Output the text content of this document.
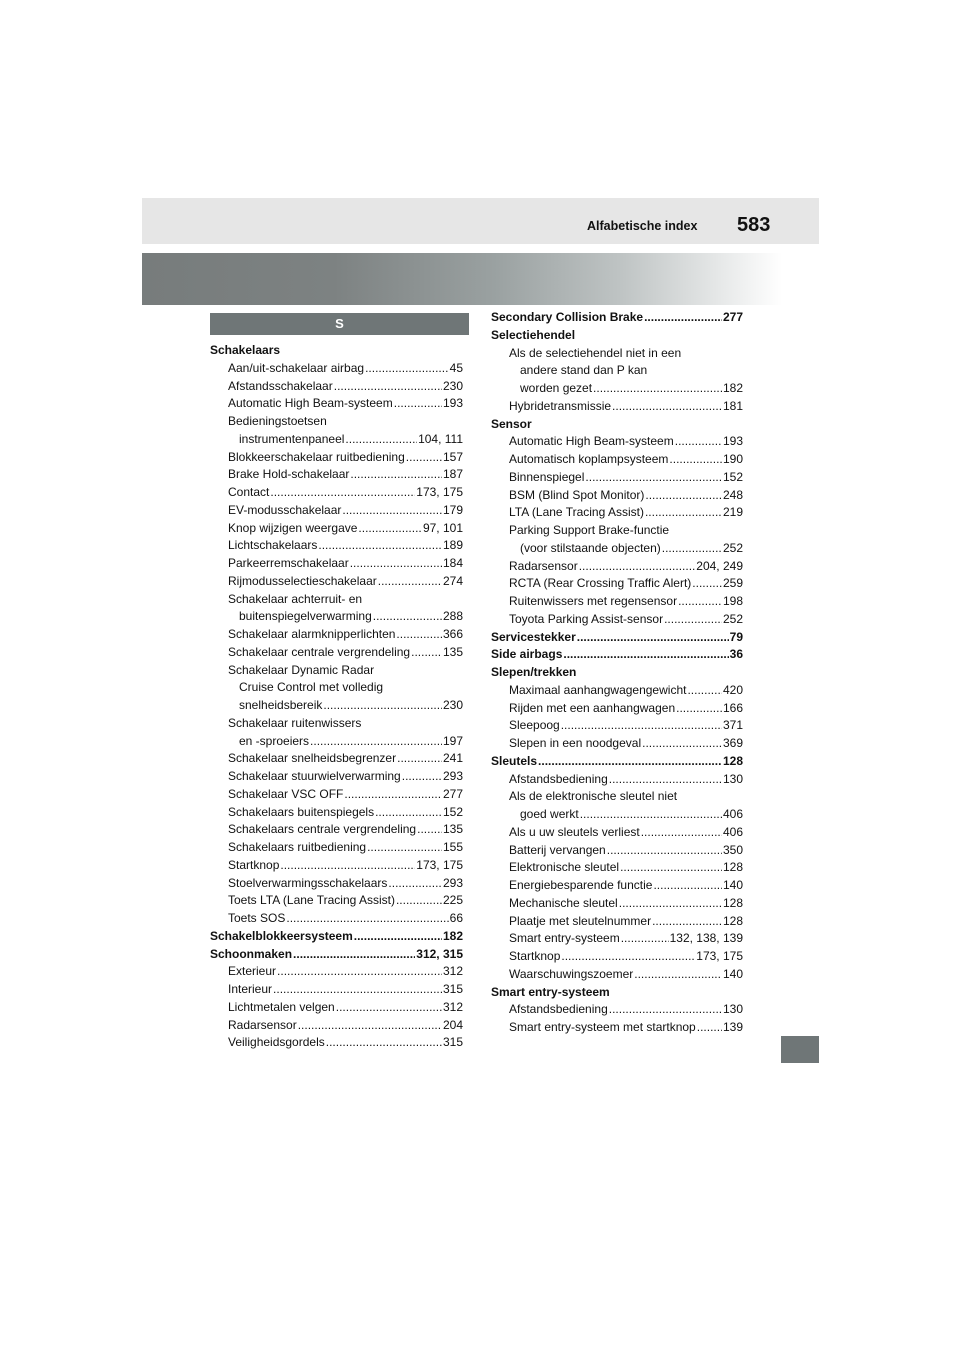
Alfabetische index 583
S
Schakelaars
Aan/uit-schakelaar airbag .....	45
Afstandsschakelaar .....	230
Automatic High Beam-systeem .....	193
Bedieningstoetsen
instrumentenpaneel .....	104, 111
Blokkeerschakelaar ruitbediening .....	157
Brake Hold-schakelaar .....	187
Contact .....	173, 175
EV-modusschakelaar .....	179
Knop wijzigen weergave .....	97, 101
Lichtschakelaars .....	189
Parkeerremschakelaar .....	184
Rijmodusselectieschakelaar .....	274
Schakelaar achterruit- en
buitenspiegelverwarming .....	288
Schakelaar alarmknipperlichten .....	366
Schakelaar centrale vergrendeling .....	135
Schakelaar Dynamic Radar
Cruise Control met volledig
snelheidsbereik .....	230
Schakelaar ruitenwissers
en -sproeiers .....	197
Schakelaar snelheidsbegrenzer .....	241
Schakelaar stuurwielverwarming .....	293
Schakelaar VSC OFF .....	277
Schakelaars buitenspiegels .....	152
Schakelaars centrale vergrendeling ..... 135
Schakelaars ruitbediening .....	155
Startknop .....	173, 175
Stoelverwarmingsschakelaars .....	293
Toets LTA (Lane Tracing Assist) .....	225
Toets SOS .....	66
Schakelblokkeersysteem .....	182
Schoonmaken .....	312, 315
Exterieur .....	312
Interieur .....	315
Lichtmetalen velgen .....	312
Radarsensor .....	204
Veiligheidsgordels .....	315
Secondary Collision Brake .....	277
Selectiehendel
Als de selectiehendel niet in een
andere stand dan P kan
worden gezet .....	182
Hybridetransmissie .....	181
Sensor
Automatic High Beam-systeem .....	193
Automatisch koplampsysteem .....	190
Binnenspiegel .....	152
BSM (Blind Spot Monitor) .....	248
LTA (Lane Tracing Assist) .....	219
Parking Support Brake-functie
(voor stilstaande objecten) .....	252
Radarsensor .....	204, 249
RCTA (Rear Crossing Traffic Alert) .....	259
Ruitenwissers met regensensor .....	198
Toyota Parking Assist-sensor .....	252
Servicestekker .....	79
Side airbags .....	36
Slepen/trekken
Maximaal aanhangwagengewicht .....	420
Rijden met een aanhangwagen .....	166
Sleepoog .....	371
Slepen in een noodgeval .....	369
Sleutels .....	128
Afstandsbediening .....	130
Als de elektronische sleutel niet
goed werkt .....	406
Als u uw sleutels verliest .....	406
Batterij vervangen .....	350
Elektronische sleutel .....	128
Energiebesparende functie .....	140
Mechanische sleutel .....	128
Plaatje met sleutelnummer .....	128
Smart entry-systeem .....	132, 138, 139
Startknop .....	173, 175
Waarschuwingszoemer .....	140
Smart entry-systeem
Afstandsbediening .....	130
Smart entry-systeem met startknop ..... 139
